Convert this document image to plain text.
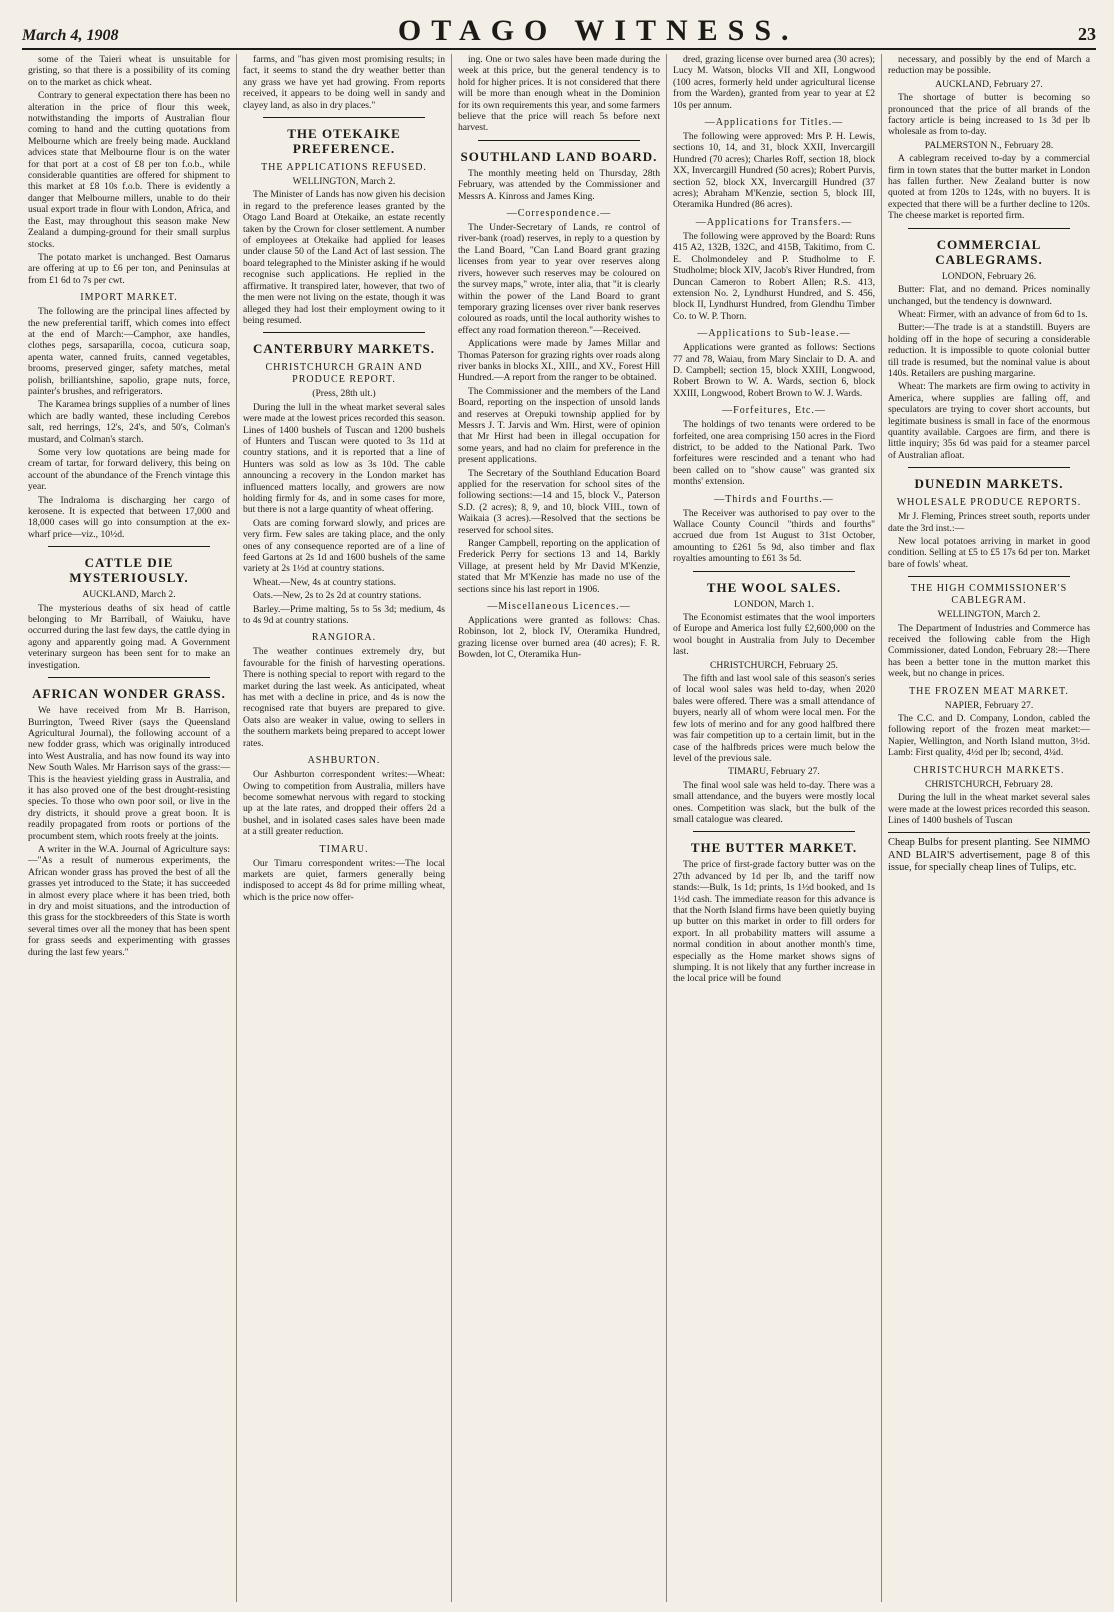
March 4, 1908	OTAGO WITNESS.	23

some of the Taieri wheat is unsuitable for gristing, so that there is a possibility of its coming on to the market as chick wheat.

Contrary to general expectation there has been no alteration in the price of flour this week, notwithstanding the imports of Australian flour coming to hand and the cutting quotations from Melbourne which are freely being made. Auckland advices state that Melbourne flour is on the water for that port at a cost of £8 per ton f.o.b., while considerable quantities are offered for shipment to this market at £8 10s f.o.b. There is evidently a danger that Melbourne millers, unable to do their usual export trade in flour with London, Africa, and the East, may throughout this season make New Zealand a dumping-ground for their small surplus stocks.

The potato market is unchanged. Best Oamarus are offering at up to £6 per ton, and Peninsulas at from £1 6d to 7s per cwt.

IMPORT MARKET.

The following are the principal lines affected by the new preferential tariff, which comes into effect at the end of March:—Camphor, axe handles, clothes pegs, sarsaparilla, cocoa, cuticura soap, apenta water, canned fruits, canned vegetables, brooms, preserved ginger, safety matches, metal polish, brilliantshine, sapolio, grape nuts, force, painter's brushes, and refrigerators.

The Karamea brings supplies of a number of lines which are badly wanted, these including Cerebos salt, red herrings, 12's, 24's, and 50's, Colman's mustard, and Colman's starch.

Some very low quotations are being made for cream of tartar, for forward delivery, this being on account of the abundance of the French vintage this year.

The Indraloma is discharging her cargo of kerosene. It is expected that between 17,000 and 18,000 cases will go into consumption at the ex-wharf price—viz., 10½d.

CATTLE DIE MYSTERIOUSLY.
AUCKLAND, March 2.

The mysterious deaths of six head of cattle belonging to Mr Barriball, of Waiuku, have occurred during the last few days, the cattle dying in agony and apparently going mad. A Government veterinary surgeon has been sent for to make an investigation.

AFRICAN WONDER GRASS.

We have received from Mr B. Harrison, Burrington, Tweed River (says the Queensland Agricultural Journal), the following account of a new fodder grass, which was originally introduced into West Australia, and has now found its way into New South Wales. Mr Harrison says of the grass:—This is the heaviest yielding grass in Australia, and it has also proved one of the best drought-resisting species. To those who own poor soil, or live in the dry districts, it should prove a great boon. It is readily propagated from roots or portions of the procumbent stem, which roots freely at the joints.

A writer in the W.A. Journal of Agriculture says:—"As a result of numerous experiments, the African wonder grass has proved the best of all the grasses yet introduced to the State; it has succeeded in almost every place where it has been tried, both in dry and moist situations, and the introduction of this grass for the stockbreeders of this State is worth several times over all the money that has been spent for grass seeds and experimenting with grasses during the last few years."

farms, and "has given most promising results; in fact, it seems to stand the dry weather better than any grass we have yet had growing. From reports received, it appears to be doing well in sandy and clayey land, as also in dry places."

THE OTEKAIKE PREFERENCE.
THE APPLICATIONS REFUSED.
WELLINGTON, March 2.

The Minister of Lands has now given his decision in regard to the preference leases granted by the Otago Land Board at Otekaike, an estate recently taken by the Crown for closer settlement. A number of employees at Otekaike had applied for leases under clause 50 of the Land Act of last session. The board telegraphed to the Minister asking if he would recognise such applications. He replied in the affirmative. It transpired later, however, that two of the men were not living on the estate, though it was alleged they had lost their employment owing to it being resumed.

CANTERBURY MARKETS.
CHRISTCHURCH GRAIN AND PRODUCE REPORT.
(Press, 28th ult.)

During the lull in the wheat market several sales were made at the lowest prices recorded this season. Lines of 1400 bushels of Tuscan and 1200 bushels of Hunters and Tuscan were quoted to 3s 11d at country stations, and it is reported that a line of Hunters was sold as low as 3s 10d. The cable announcing a recovery in the London market has influenced matters locally, and growers are now holding firmly for 4s, and in some cases for more, but there is not a large quantity of wheat offering.

Oats are coming forward slowly, and prices are very firm. Few sales are taking place, and the only ones of any consequence reported are of a line of feed Gartons at 2s 1d and 1600 bushels of the same variety at 2s 1½d at country stations.

Wheat.—New, 4s at country stations.

Oats.—New, 2s to 2s 2d at country stations.

Barley.—Prime malting, 5s to 5s 3d; medium, 4s to 4s 9d at country stations.

RANGIORA.

The weather continues extremely dry, but favourable for the finish of harvesting operations. There is nothing special to report with regard to the market during the last week. As anticipated, wheat has met with a decline in price, and 4s is now the recognised rate that buyers are prepared to give. Oats also are weaker in value, owing to sellers in the southern markets being prepared to accept lower rates.

ASHBURTON.

Our Ashburton correspondent writes:—Wheat: Owing to competition from Australia, millers have become somewhat nervous with regard to stocking up at the late rates, and dropped their offers 2d a bushel, and in isolated cases sales have been made at a still greater reduction.

TIMARU.

Our Timaru correspondent writes:—The local markets are quiet, farmers generally being indisposed to accept 4s 8d for prime milling wheat, which is the price now offer-

ing. One or two sales have been made during the week at this price, but the general tendency is to hold for higher prices. It is not considered that there will be more than enough wheat in the Dominion for its own requirements this year, and some farmers believe that the price will reach 5s before next harvest.

SOUTHLAND LAND BOARD.

The monthly meeting held on Thursday, 28th February, was attended by the Commissioner and Messrs A. Kinross and James King.

—Correspondence.—

The Under-Secretary of Lands, re control of river-bank (road) reserves, in reply to a question by the Land Board, "Can Land Board grant grazing licenses from year to year over reserves along rivers, however such reserves may be coloured on the survey maps," wrote, inter alia, that "it is clearly within the power of the Land Board to grant temporary grazing licenses over river bank reserves coloured as roads, until the local authority wishes to effect any road formation thereon."—Received.

Applications were made by James Millar and Thomas Paterson for grazing rights over roads along river banks in blocks XI., XIII., and XV., Forest Hill Hundred.—A report from the ranger to be obtained.

The Commissioner and the members of the Land Board, reporting on the inspection of unsold lands and reserves at Orepuki township applied for by Messrs J. T. Jarvis and Wm. Hirst, were of opinion that Mr Hirst had been in illegal occupation for some years, and had no claim for preference in the present applications.

The Secretary of the Southland Education Board applied for the reservation for school sites of the following sections:—14 and 15, block V., Paterson S.D. (2 acres); 8, 9, and 10, block VIII., town of Waikaia (3 acres).—Resolved that the sections be reserved for school sites.

Ranger Campbell, reporting on the application of Frederick Perry for sections 13 and 14, Barkly Village, at present held by Mr David M'Kenzie, stated that Mr M'Kenzie has made no use of the sections since his last report in 1906.

—Miscellaneous Licences.—

Applications were granted as follows: Chas. Robinson, lot 2, block IV, Oteramika Hundred, grazing license over burned area (40 acres); F. R. Bowden, lot C, Oteramika Hun-

dred, grazing license over burned area (30 acres); Lucy M. Watson, blocks VII and XII, Longwood (100 acres, formerly held under agricultural license from the Warden), granted from year to year at £2 10s per annum.

—Applications for Titles.—

The following were approved: Mrs P. H. Lewis, sections 10, 14, and 31, block XXII, Invercargill Hundred (70 acres); Charles Roff, section 18, block XX, Invercargill Hundred (50 acres); Robert Purvis, section 52, block XX, Invercargill Hundred (37 acres); Abraham M'Kenzie, section 5, block III, Oteramika Hundred (86 acres).

—Applications for Transfers.—

The following were approved by the Board: Runs 415 A2, 132B, 132C, and 415B, Takitimo, from C. E. Cholmondeley and P. Studholme to F. Studholme; block XIV, Jacob's River Hundred, from Duncan Cameron to Robert Allen; R.S. 413, extension No. 2, Lyndhurst Hundred, and S. 456, block II, Lyndhurst Hundred, from Glendhu Timber Co. to W. P. Thorn.

—Applications to Sub-lease.—

Applications were granted as follows: Sections 77 and 78, Waiau, from Mary Sinclair to D. A. and D. Campbell; section 15, block XXIII, Longwood, Robert Brown to W. A. Wards, section 6, block XXIII, Longwood, Robert Brown to W. J. Wards.

—Forfeitures, Etc.—

The holdings of two tenants were ordered to be forfeited, one area comprising 150 acres in the Fiord district, to be added to the National Park. Two forfeitures were rescinded and a tenant who had been called on to "show cause" was granted six months' extension.

—Thirds and Fourths.—

The Receiver was authorised to pay over to the Wallace County Council "thirds and fourths" accrued due from 1st August to 31st October, amounting to £261 5s 9d, also timber and flax royalties amounting to £61 3s 5d.

THE WOOL SALES.
LONDON, March 1.

The Economist estimates that the wool importers of Europe and America lost fully £2,600,000 on the wool bought in Australia from July to December last.

CHRISTCHURCH, February 25.

The fifth and last wool sale of this season's series of local wool sales was held to-day, when 2020 bales were offered. There was a small attendance of buyers, nearly all of whom were local men. For the few lots of merino and for any good halfbred there was fair competition up to a certain limit, but in the case of the halfbreds prices were much below the level of the previous sale.

TIMARU, February 27.

The final wool sale was held to-day. There was a small attendance, and the buyers were mostly local ones. Competition was slack, but the bulk of the small catalogue was cleared.

THE BUTTER MARKET.

The price of first-grade factory butter was on the 27th advanced by 1d per lb, and the tariff now stands:—Bulk, 1s 1d; prints, 1s 1½d booked, and 1s 1½d cash. The immediate reason for this advance is that the North Island firms have been quietly buying up butter on this market in order to fill orders for export. In all probability matters will assume a normal condition in about another month's time, especially as the Home market shows signs of slumping. It is not likely that any further increase in the local price will be found

necessary, and possibly by the end of March a reduction may be possible.

AUCKLAND, February 27.

The shortage of butter is becoming so pronounced that the price of all brands of the factory article is being increased to 1s 3d per lb wholesale as from to-day.

PALMERSTON N., February 28.

A cablegram received to-day by a commercial firm in town states that the butter market in London has fallen further. New Zealand butter is now quoted at from 120s to 124s, with no buyers. It is expected that there will be a further decline to 120s. The cheese market is reported firm.

COMMERCIAL CABLEGRAMS.
LONDON, February 26.

Butter: Flat, and no demand. Prices nominally unchanged, but the tendency is downward.

Wheat: Firmer, with an advance of from 6d to 1s.

Butter:—The trade is at a standstill. Buyers are holding off in the hope of securing a considerable reduction. It is impossible to quote colonial butter till trade is resumed, but the nominal value is about 140s. Retailers are pushing margarine.

Wheat: The markets are firm owing to activity in America, where supplies are falling off, and speculators are trying to cover short accounts, but legitimate business is small in face of the enormous quantity available. Cargoes are firm, and there is little inquiry; 35s 6d was paid for a steamer parcel of Australian afloat.

DUNEDIN MARKETS.
WHOLESALE PRODUCE REPORTS.

Mr J. Fleming, Princes street south, reports under date the 3rd inst.:—

New local potatoes arriving in market in good condition. Selling at £5 to £5 17s 6d per ton. Market bare of fowls' wheat.

THE HIGH COMMISSIONER'S CABLEGRAM.
WELLINGTON, March 2.

The Department of Industries and Commerce has received the following cable from the High Commissioner, dated London, February 28:—There has been a better tone in the mutton market this week, but no change in prices.

THE FROZEN MEAT MARKET.
NAPIER, February 27.

The C.C. and D. Company, London, cabled the following report of the frozen meat market:—Napier, Wellington, and North Island mutton, 3½d. Lamb: First quality, 4½d per lb; second, 4¼d.

CHRISTCHURCH MARKETS.
CHRISTCHURCH, February 28.

During the lull in the wheat market several sales were made at the lowest prices recorded this season. Lines of 1400 bushels of Tuscan

Cheap Bulbs for present planting. See NIMMO AND BLAIR'S advertisement, page 8 of this issue, for specially cheap lines of Tulips, etc.
